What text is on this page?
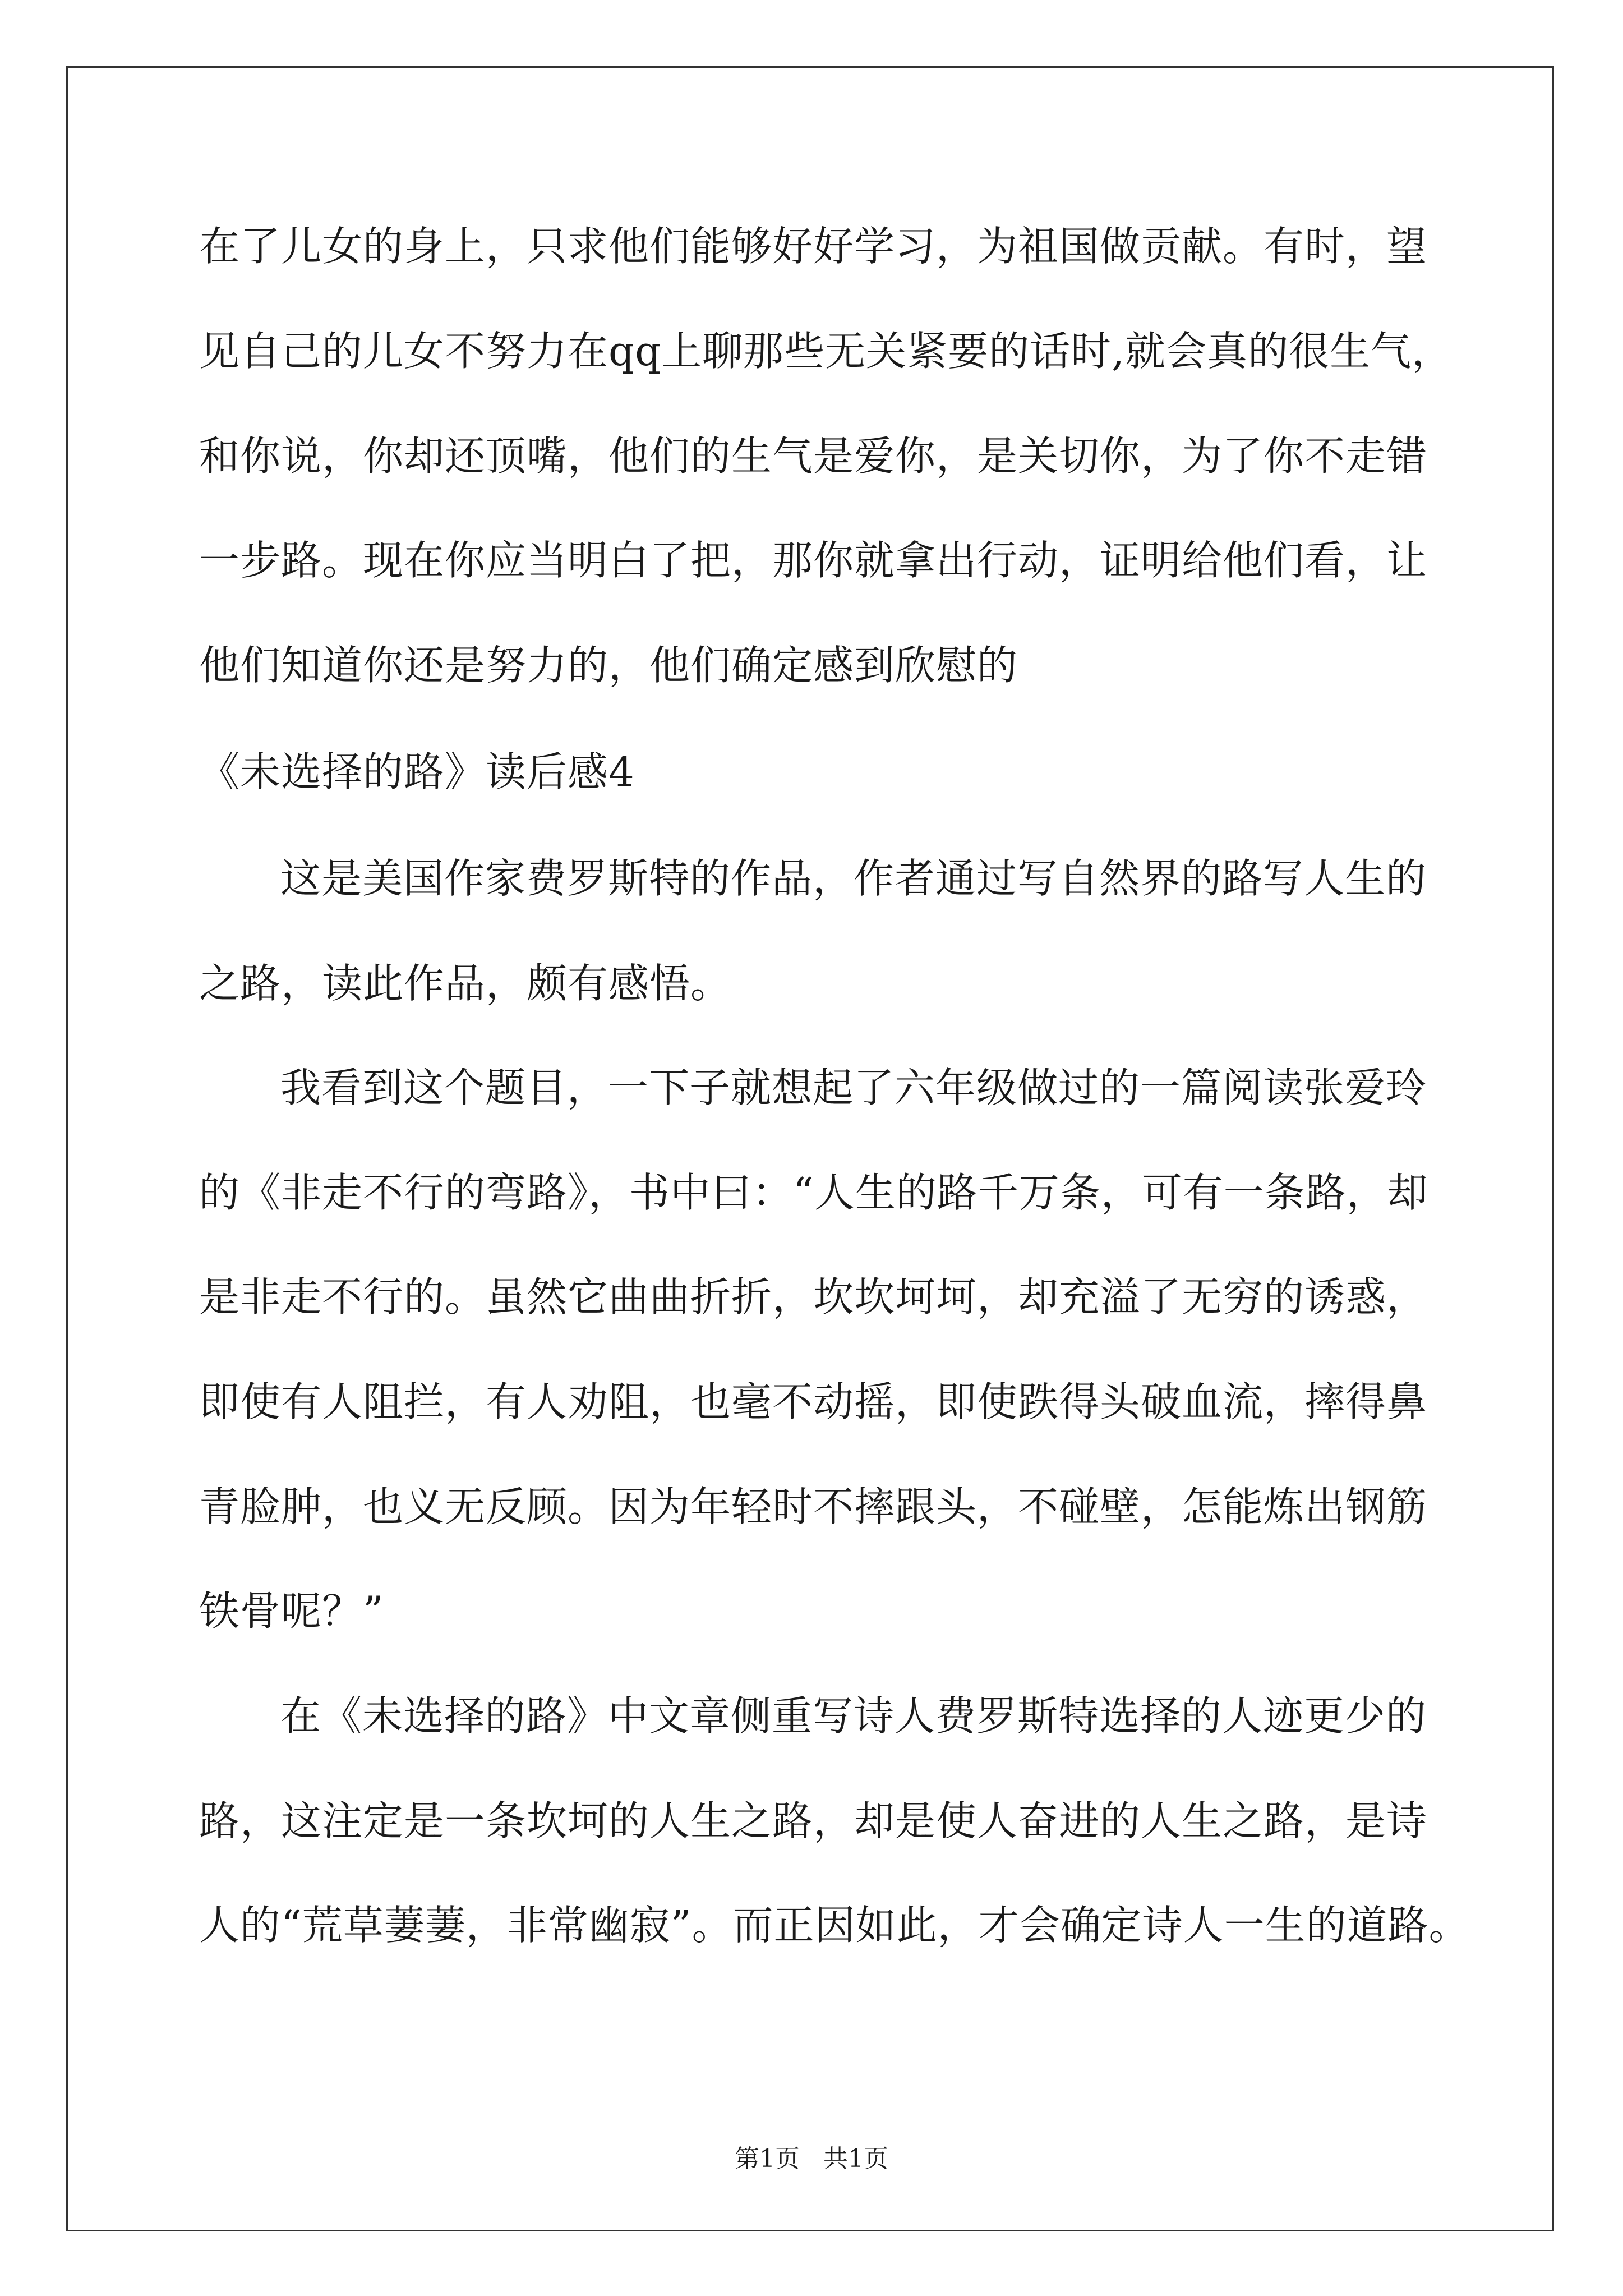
在了儿女的身上，只求他们能够好好学习，为祖国做贡献。有时，望
见自己的儿女不努力在qq上聊那些无关紧要的话时,就会真的很生气，
和你说，你却还顶嘴，他们的生气是爱你，是关切你，为了你不走错
一步路。现在你应当明白了把，那你就拿出行动，证明给他们看，让
他们知道你还是努力的，他们确定感到欣慰的
《未选择的路》读后感4
这是美国作家费罗斯特的作品，作者通过写自然界的路写人生的
之路，读此作品，颇有感悟。
我看到这个题目，一下子就想起了六年级做过的一篇阅读张爱玲
的《非走不行的弯路》，书中曰：“人生的路千万条，可有一条路，却
是非走不行的。虽然它曲曲折折，坎坎坷坷，却充溢了无穷的诱惑，
即使有人阻拦，有人劝阻，也毫不动摇，即使跌得头破血流，摔得鼻
青脸肿，也义无反顾。因为年轻时不摔跟头，不碰壁，怎能炼出钢筋
铁骨呢？”
在《未选择的路》中文章侧重写诗人费罗斯特选择的人迹更少的
路，这注定是一条坎坷的人生之路，却是使人奋进的人生之路，是诗
人的“荒草萋萋，非常幽寂”。而正因如此，才会确定诗人一生的道路。
第1页   共1页
